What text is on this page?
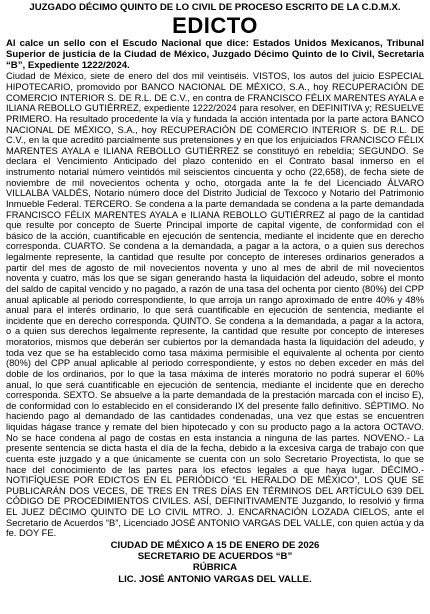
JUZGADO DÉCIMO QUINTO DE LO CIVIL DE PROCESO ESCRITO DE LA C.D.M.X.
EDICTO
Al calce un sello con el Escudo Nacional que dice: Estados Unidos Mexicanos, Tribunal Superior de justicia de la Ciudad de México, Juzgado Décimo Quinto de lo Civil, Secretaria “B”, Expediente 1222/2024.

Ciudad de México, siete de enero del dos mil veintiséis. VISTOS, los autos del juicio ESPECIAL HIPOTECARIO, promovido por BANCO NACIONAL DE MÉXICO, S.A., hoy RECUPERACIÓN DE COMERCIO INTERIOR S. DE R.L. DE C.V., en contra de FRANCISCO FÉLIX MARENTES AYALA e ILIANA REBOLLO GUTIÉRREZ, expediente 1222/2024 para resolver, en DEFINITIVA y; RESUELVE PRIMERO. Ha resultado procedente la vía y fundada la acción intentada por la parte actora BANCO NACIONAL DE MÉXICO, S.A., hoy RECUPERACIÓN DE COMERCIO INTERIOR S. DE R.L. DE C.V., en la que acreditó parcialmente sus pretensiones y en que los enjuiciados FRANCISCO FÉLIX MARENTES AYALA e ILIANA REBOLLO GUTIÉRREZ se constituyó en rebeldía; SEGUNDO. Se declara el Vencimiento Anticipado del plazo contenido en el Contrato basal inmerso en el instrumento notarial número veintidós mil seiscientos cincuenta y ocho (22,658), de fecha siete de noviembre de mil novecientos ochenta y ocho, otorgada ante la fe del Licenciado ÁLVARO VILLALBA VALDÉS, Notario número doce del Distrito Judicial de Texcoco y Notario del Patrimonio Inmueble Federal. TERCERO. Se condena a la parte demandada se condena a la parte demandada FRANCISCO FÉLIX MARENTES AYALA e ILIANA REBOLLO GUTIÉRREZ al pago de la cantidad que resulte por concepto de Suerte Principal importe de capital vigente, de conformidad con el básico de la acción, cuantificable en ejecución de sentencia, mediante el incidente que en derecho corresponda. CUARTO. Se condena a la demandada, a pagar a la actora, o a quien sus derechos legalmente represente, la cantidad que resulte por concepto de intereses ordinarios generados a partir del mes de agosto de mil novecientos noventa y uno al mes de abril de mil novecientos noventa y cuatro, más los que se sigan generando hasta la liquidación del adeudo, sobre el monto del saldo de capital vencido y no pagado, a razón de una tasa del ochenta por ciento (80%) del CPP anual aplicable al periodo correspondiente, lo que arroja un rango aproximado de entre 40% y 48% anual para el interés ordinario, lo que será cuantificable en ejecución de sentencia, mediante el incidente que en derecho corresponda. QUINTO. Se condena a la demandada, a pagar a la actora, o a quien sus derechos legalmente represente, la cantidad que resulte por concepto de intereses moratorios, mismos que deberán ser cubiertos por la demandada hasta la liquidación del adeudo, y toda vez que se ha establecido como tasa máxima permisible el equivalente al ochenta por ciento (80%) del CPP anual aplicable al periodo correspondiente, y estos no deben exceder en más del doble de los ordinarios, por lo que la tasa máxima de interés moratorio no podrá superar el 60% anual, lo que será cuantificable en ejecución de sentencia, mediante el incidente que en derecho corresponda. SEXTO. Se absuelve a la parte demandada de la prestación marcada con el inciso E), de conformidad con lo establecido en el considerando IX del presente fallo definitivo. SÉPTIMO. No haciendo pago al demandado de las cantidades condenadas, una vez que estas se encuentren liquidas hágase trance y remate del bien hipotecado y con su producto pago a la actora OCTAVO. No se hace condena al pago de costas en esta instancia a ninguna de las partes. NOVENO.- La presente sentencia se dicta hasta el día de la fecha, debido a la excesiva carga de trabajo con que cuenta este juzgado y a que únicamente se cuenta con un solo Secretario Proyectista, lo que se hace del conocimiento de las partes para los efectos legales a que haya lugar. DÉCIMO.- NOTIFÍQUESE POR EDICTOS EN EL PERIÓDICO “EL HERALDO DE MÉXICO”, LOS QUE SE PUBLICARÁN DOS VECES, DE TRES EN TRES DÍAS EN TÉRMINOS DEL ARTÍCULO 639 DEL CÓDIGO DE PROCEDIMIENTOS CIVILES. ASÍ, DEFINITIVAMENTE Juzgando, lo resolvió y firma EL JUEZ DÉCIMO QUINTO DE LO CIVIL MTRO. J. ENCARNACIÓN LOZADA CIELOS, ante el Secretario de Acuerdos “B”, Licenciado JOSÉ ANTONIO VARGAS DEL VALLE, con quien actúa y da fe. DOY FE.

CIUDAD DE MÉXICO A 15 DE ENERO DE 2026
SECRETARIO DE ACUERDOS “B”
RÚBRICA
LIC. JOSÉ ANTONIO VARGAS DEL VALLE.
